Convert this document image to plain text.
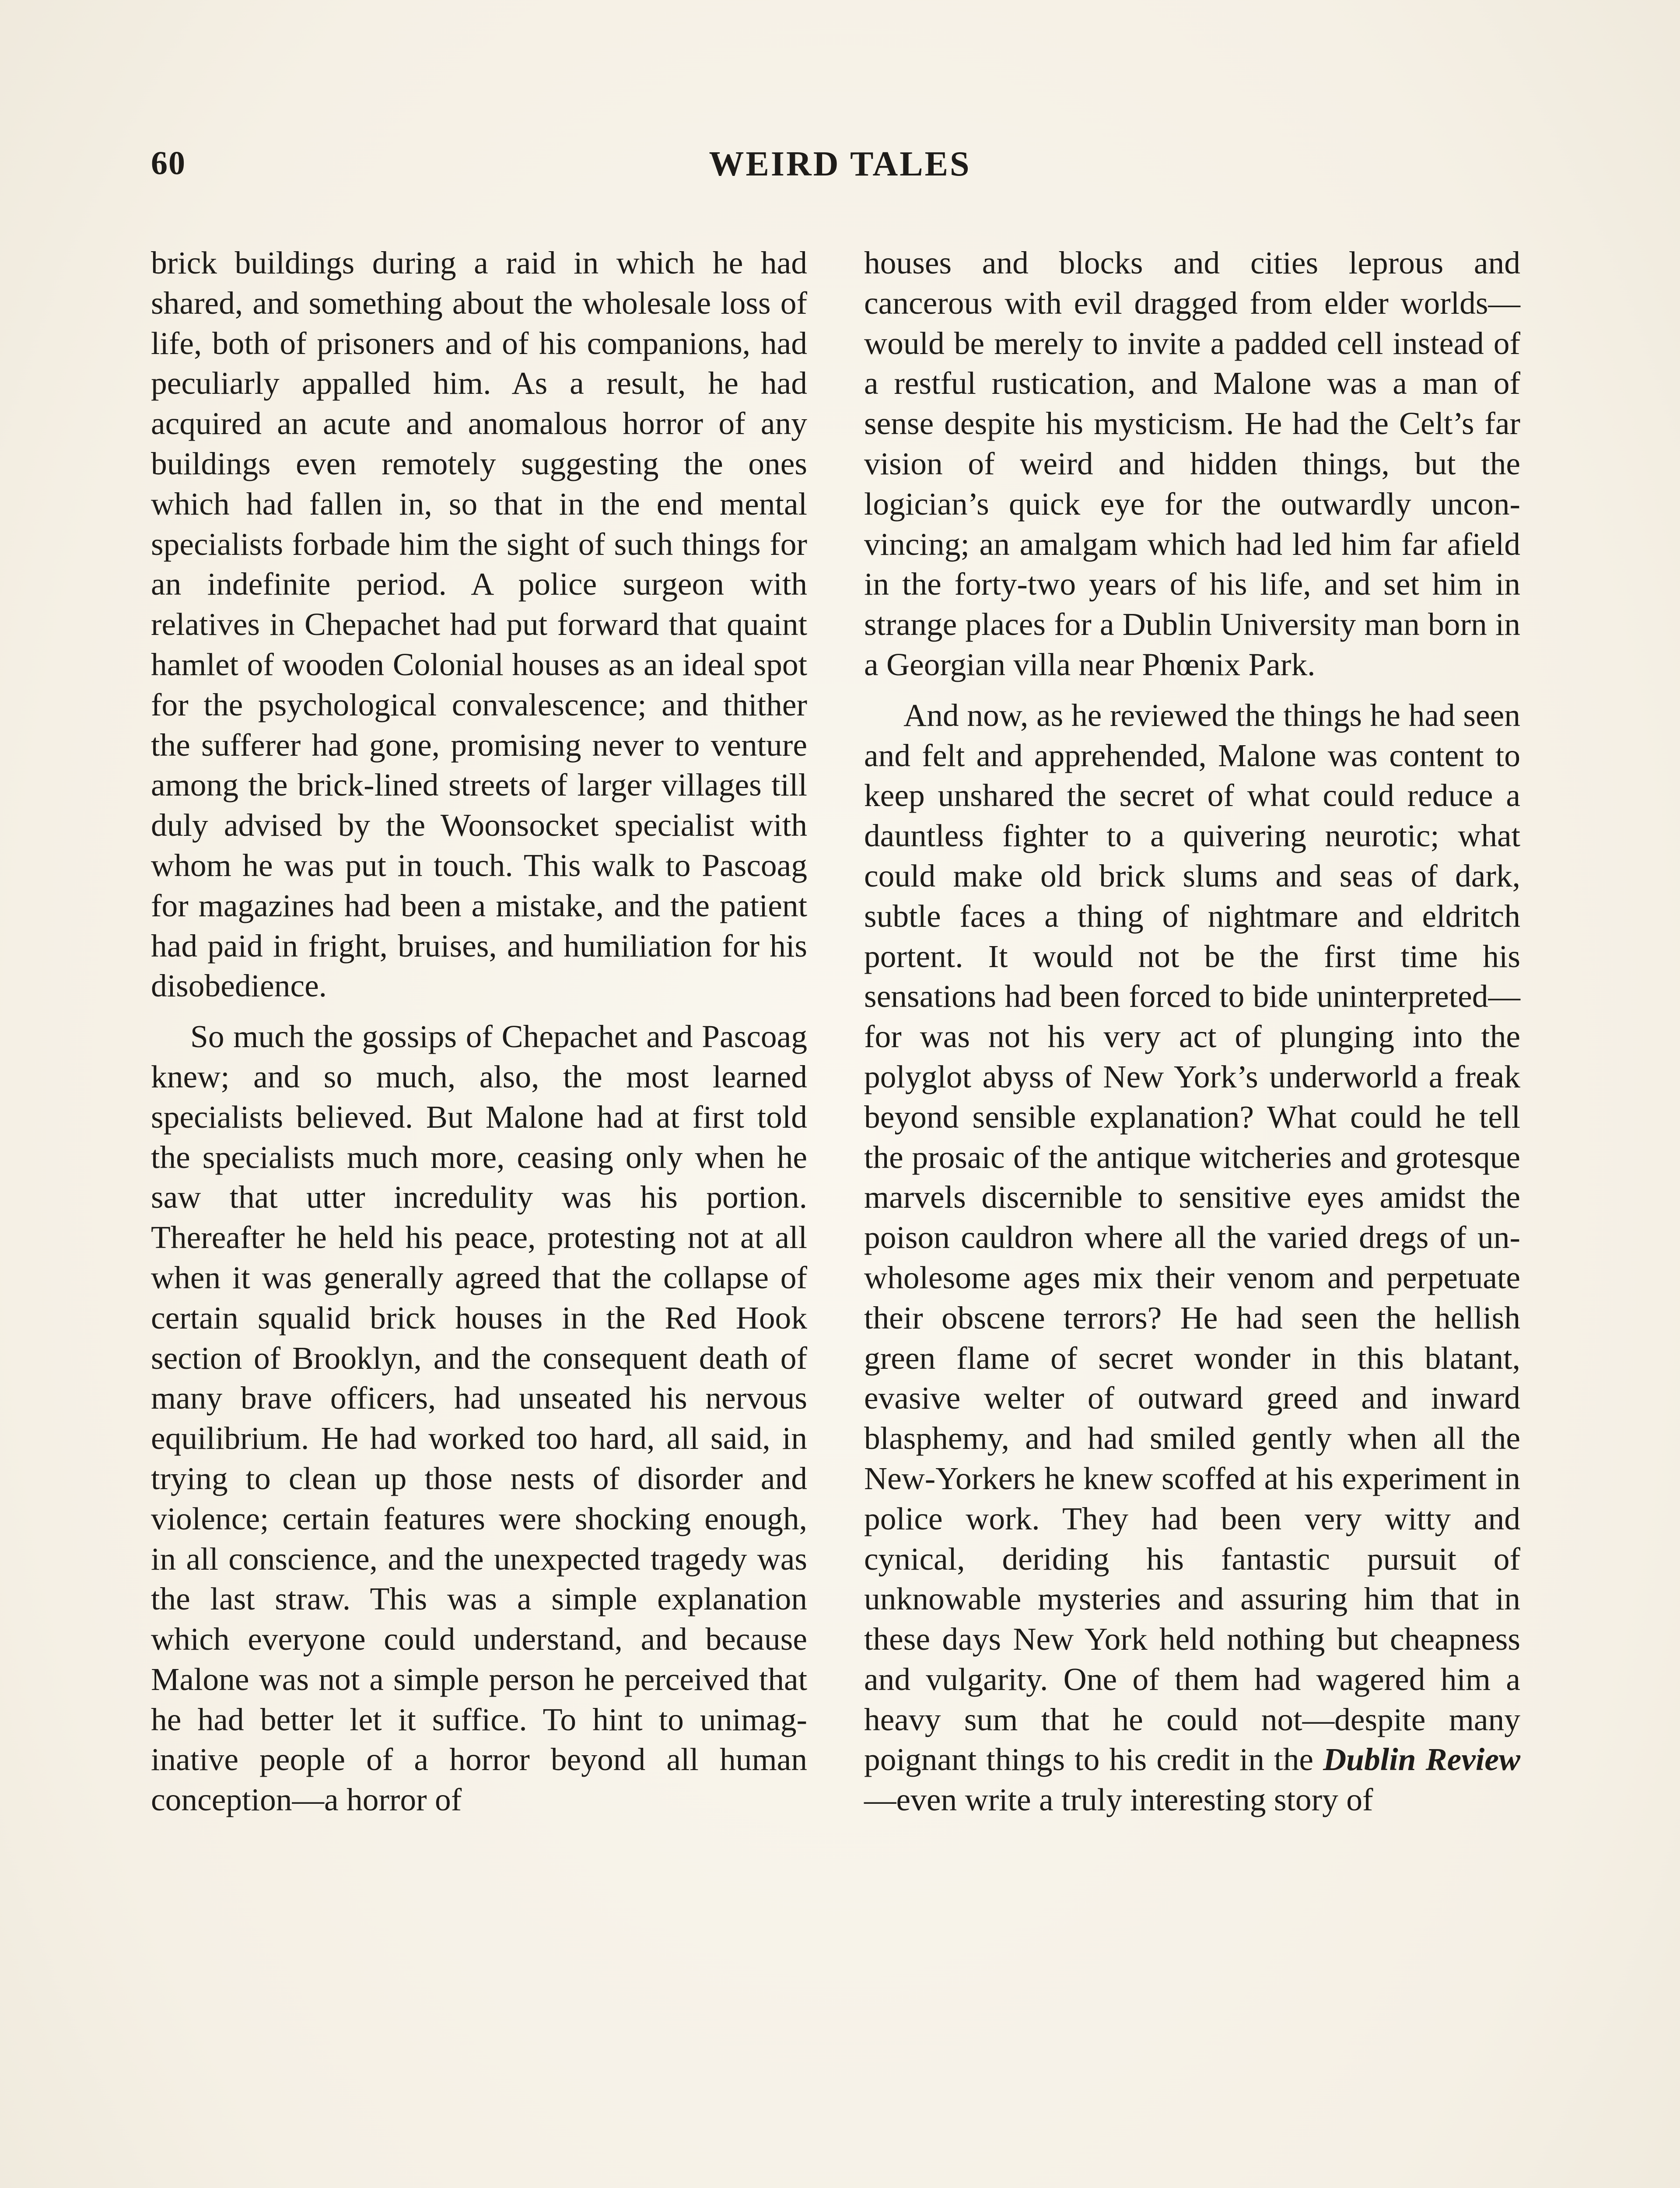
60	WEIRD TALES

brick buildings during a raid in which he had shared, and something about the wholesale loss of life, both of prisoners and of his companions, had peculiarly appalled him. As a result, he had acquired an acute and anomalous horror of any buildings even remotely suggesting the ones which had fallen in, so that in the end mental specialists forbade him the sight of such things for an indefinite period. A police surgeon with relatives in Chepachet had put forward that quaint hamlet of wooden Colonial houses as an ideal spot for the psychological convalescence; and thither the sufferer had gone, promising never to venture among the brick-lined streets of larger villages till duly advised by the Woonsocket specialist with whom he was put in touch. This walk to Pascoag for magazines had been a mistake, and the patient had paid in fright, bruises, and humiliation for his disobedience.

So much the gossips of Chepachet and Pascoag knew; and so much, also, the most learned specialists believed. But Malone had at first told the specialists much more, ceasing only when he saw that utter incredulity was his portion. Thereafter he held his peace, protesting not at all when it was generally agreed that the collapse of certain squalid brick houses in the Red Hook section of Brooklyn, and the consequent death of many brave officers, had unseated his nervous equilibrium. He had worked too hard, all said, in trying to clean up those nests of disorder and violence; certain features were shocking enough, in all conscience, and the unexpected tragedy was the last straw. This was a simple explanation which everyone could understand, and because Malone was not a simple person he perceived that he had better let it suffice. To hint to unimaginative people of a horror beyond all human conception—a horror of

houses and blocks and cities leprous and cancerous with evil dragged from elder worlds—would be merely to invite a padded cell instead of a restful rustication, and Malone was a man of sense despite his mysticism. He had the Celt’s far vision of weird and hidden things, but the logician’s quick eye for the outwardly unconvincing; an amalgam which had led him far afield in the forty-two years of his life, and set him in strange places for a Dublin University man born in a Georgian villa near Phœnix Park.

And now, as he reviewed the things he had seen and felt and apprehended, Malone was content to keep unshared the secret of what could reduce a dauntless fighter to a quivering neurotic; what could make old brick slums and seas of dark, subtle faces a thing of nightmare and eldritch portent. It would not be the first time his sensations had been forced to bide uninterpreted—for was not his very act of plunging into the polyglot abyss of New York’s underworld a freak beyond sensible explanation? What could he tell the prosaic of the antique witcheries and grotesque marvels discernible to sensitive eyes amidst the poison cauldron where all the varied dregs of unwholesome ages mix their venom and perpetuate their obscene terrors? He had seen the hellish green flame of secret wonder in this blatant, evasive welter of outward greed and inward blasphemy, and had smiled gently when all the New-Yorkers he knew scoffed at his experiment in police work. They had been very witty and cynical, deriding his fantastic pursuit of unknowable mysteries and assuring him that in these days New York held nothing but cheapness and vulgarity. One of them had wagered him a heavy sum that he could not—despite many poignant things to his credit in the Dublin Review—even write a truly interesting story of
